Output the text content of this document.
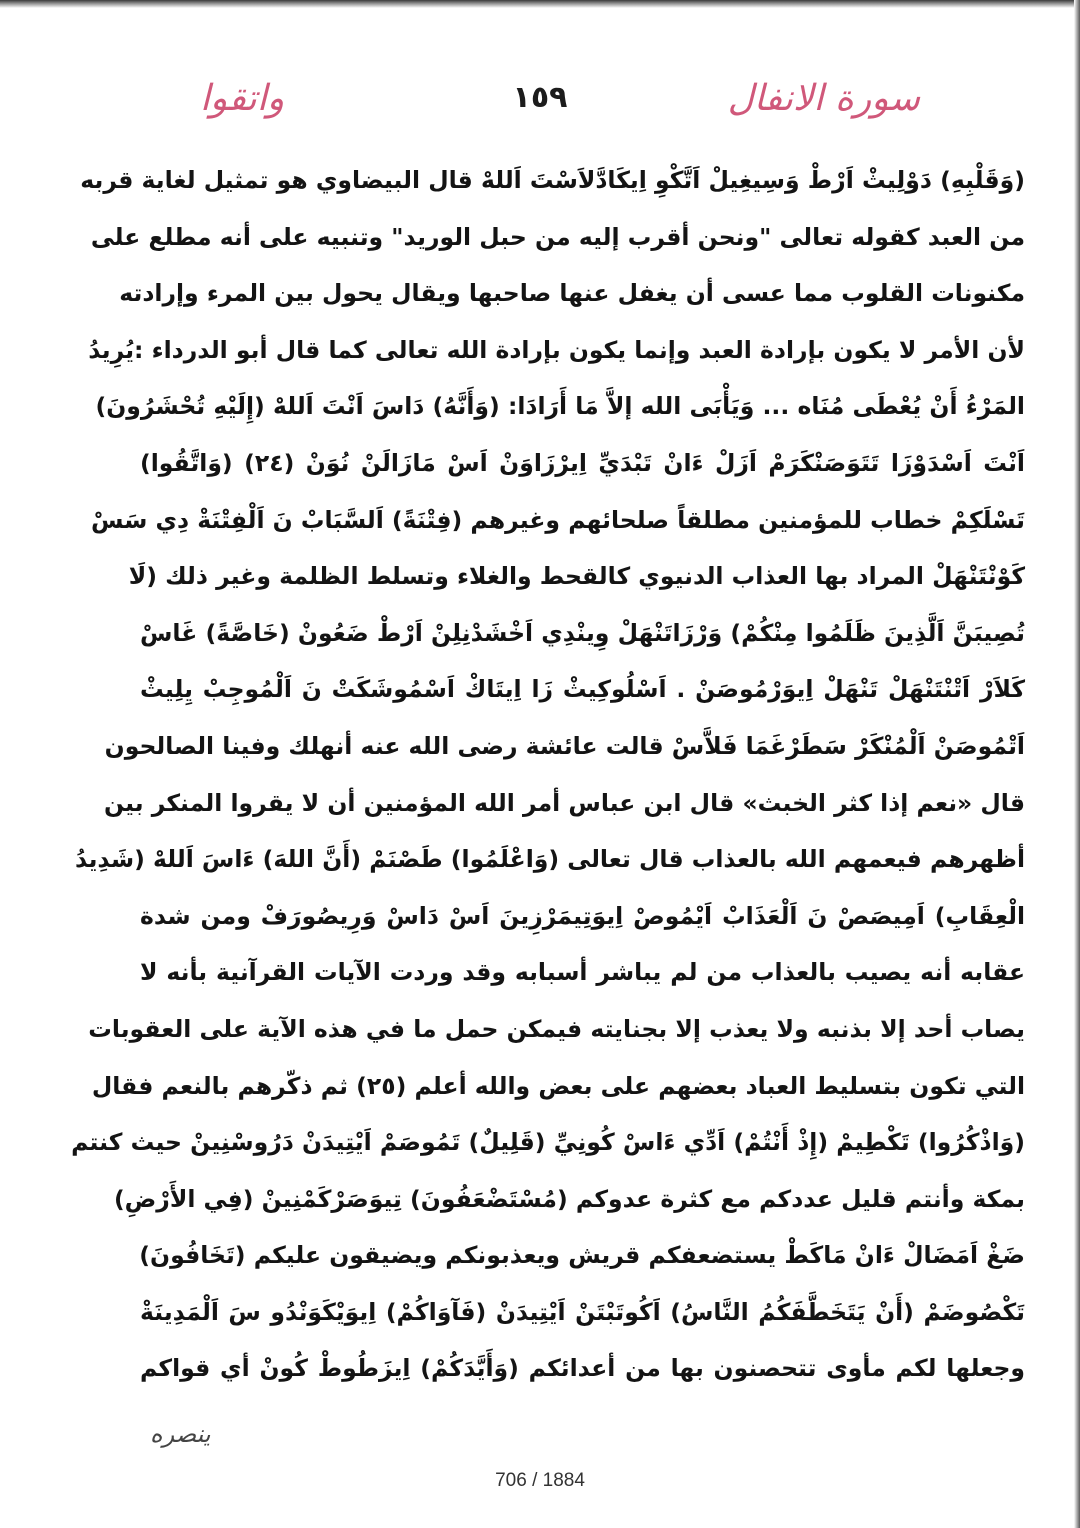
سورة الانفال
١٥٩
واتقوا
(وَقَلْبِهِ) دَوْلِيثْ اَرْطْ وَسِيغِيلْ اَتَّكْوِ اِيكَادَّلاَسْتَ اَللهْ قال البيضاوي هو تمثيل لغاية قربه
من العبد كقوله تعالى "ونحن أقرب إليه من حبل الوريد" وتنبيه على أنه مطلع على
مكنونات القلوب مما عسى أن يغفل عنها صاحبها ويقال يحول بين المرء وإرادته
لأن الأمر لا يكون بإرادة العبد وإنما يكون بإرادة الله تعالى كما قال أبو الدرداء :يُرِيدُ
المَرْءُ أَنْ يُعْطَى مُنَاه ... وَيَأْبَى الله إلاَّ مَا أَرَادَا: (وَأَنَّهُ) دَاسَ اَنْتَ اَللهْ (إِلَيْهِ تُحْشَرُونَ)
اَنْتَ اَسْدَوْزَا تَتَوَصَنْكَرَمْ اَزَلْ ءَانْ تَبْدَيِّ اِيرْزَاوَنْ اَسْ مَازَالَنْ نُوَنْ (٢٤) (وَاتَّقُوا)
تَسْلَكِمْ خطاب للمؤمنين مطلقاً صلحائهم وغيرهم (فِتْنَةً) اَلسَّبَابْ نَ اَلْفِتْنَةْ دِي سَسْ
كَوْنْتَنْهَلْ المراد بها العذاب الدنيوي كالقحط والغلاء وتسلط الظلمة وغير ذلك (لَا
تُصِيبَنَّ اَلَّذِينَ ظَلَمُوا مِنْكُمْ) وَرْزَاتَنْهَلْ وِينْدِي اَخْشَدْنِلِنْ اَرْطْ ضَعُونْ (خَاصَّةً) غَاسْ
كَلاَرْ اَتْنْتَنْهَلْ تَنْهَلْ اِيوَرْمُوصَنْ . اَسْلُوكِيثْ زَا اِيتَاكْ اَسْمُوشَكَتْ نَ اَلْمُوجِبْ يِلِيثْ
اَتْمُوصَنْ اَلْمُنْكَرْ سَطَرْغَمَا فَلاَّسْ قالت عائشة رضى الله عنه أنهلك وفينا الصالحون
قال «نعم إذا كثر الخبث» قال ابن عباس أمر الله المؤمنين أن لا يقروا المنكر بين
أظهرهم فيعمهم الله بالعذاب قال تعالى (وَاعْلَمُوا) طَصْنَمْ (أَنَّ اللهَ) ءَاسَ اَللهْ (شَدِيدُ
الْعِقَابِ) اَمِيصَصْ نَ اَلْعَذَابْ اَيْمُوصْ اِيوَتِيمَرْزِينَ اَسْ دَاسْ وَرِيصُورَفْ ومن شدة
عقابه أنه يصيب بالعذاب من لم يباشر أسبابه وقد وردت الآيات القرآنية بأنه لا
يصاب أحد إلا بذنبه ولا يعذب إلا بجنايته فيمكن حمل ما في هذه الآية على العقوبات
التي تكون بتسليط العباد بعضهم على بعض والله أعلم (٢٥) ثم ذكّرهم بالنعم فقال
(وَاذْكُرُوا) تَكْطِيمْ (إِذْ أَنْتُمْ) اَدِّي ءَاسْ كُونِيِّ (قَلِيلٌ) تَمُوصَمْ اَيْتِيدَنْ دَرُوسْنِينْ حيث كنتم
بمكة وأنتم قليل عددكم مع كثرة عدوكم (مُسْتَضْعَفُونَ) تِيوَصَرْكَمْنِينْ (فِي الأَرْضِ)
ضَغْ اَمَضَالْ ءَانْ مَاكَطْ يستضعفكم قريش ويعذبونكم ويضيقون عليكم (تَخَافُونَ)
تَكْصُوضَمْ (أَنْ يَتَخَطَّفَكُمُ النَّاسُ) اَكُوتَبْتَنْ اَيْتِيدَنْ (فَآوَاكُمْ) اِيوَيْكَوَنْدُو سَ اَلْمَدِينَةْ
وجعلها لكم مأوى تتحصنون بها من أعدائكم (وَأَيَّدَكُمْ) اِيزَطُوطْ كُونْ أي قواكم
ينصره
706 / 1884
